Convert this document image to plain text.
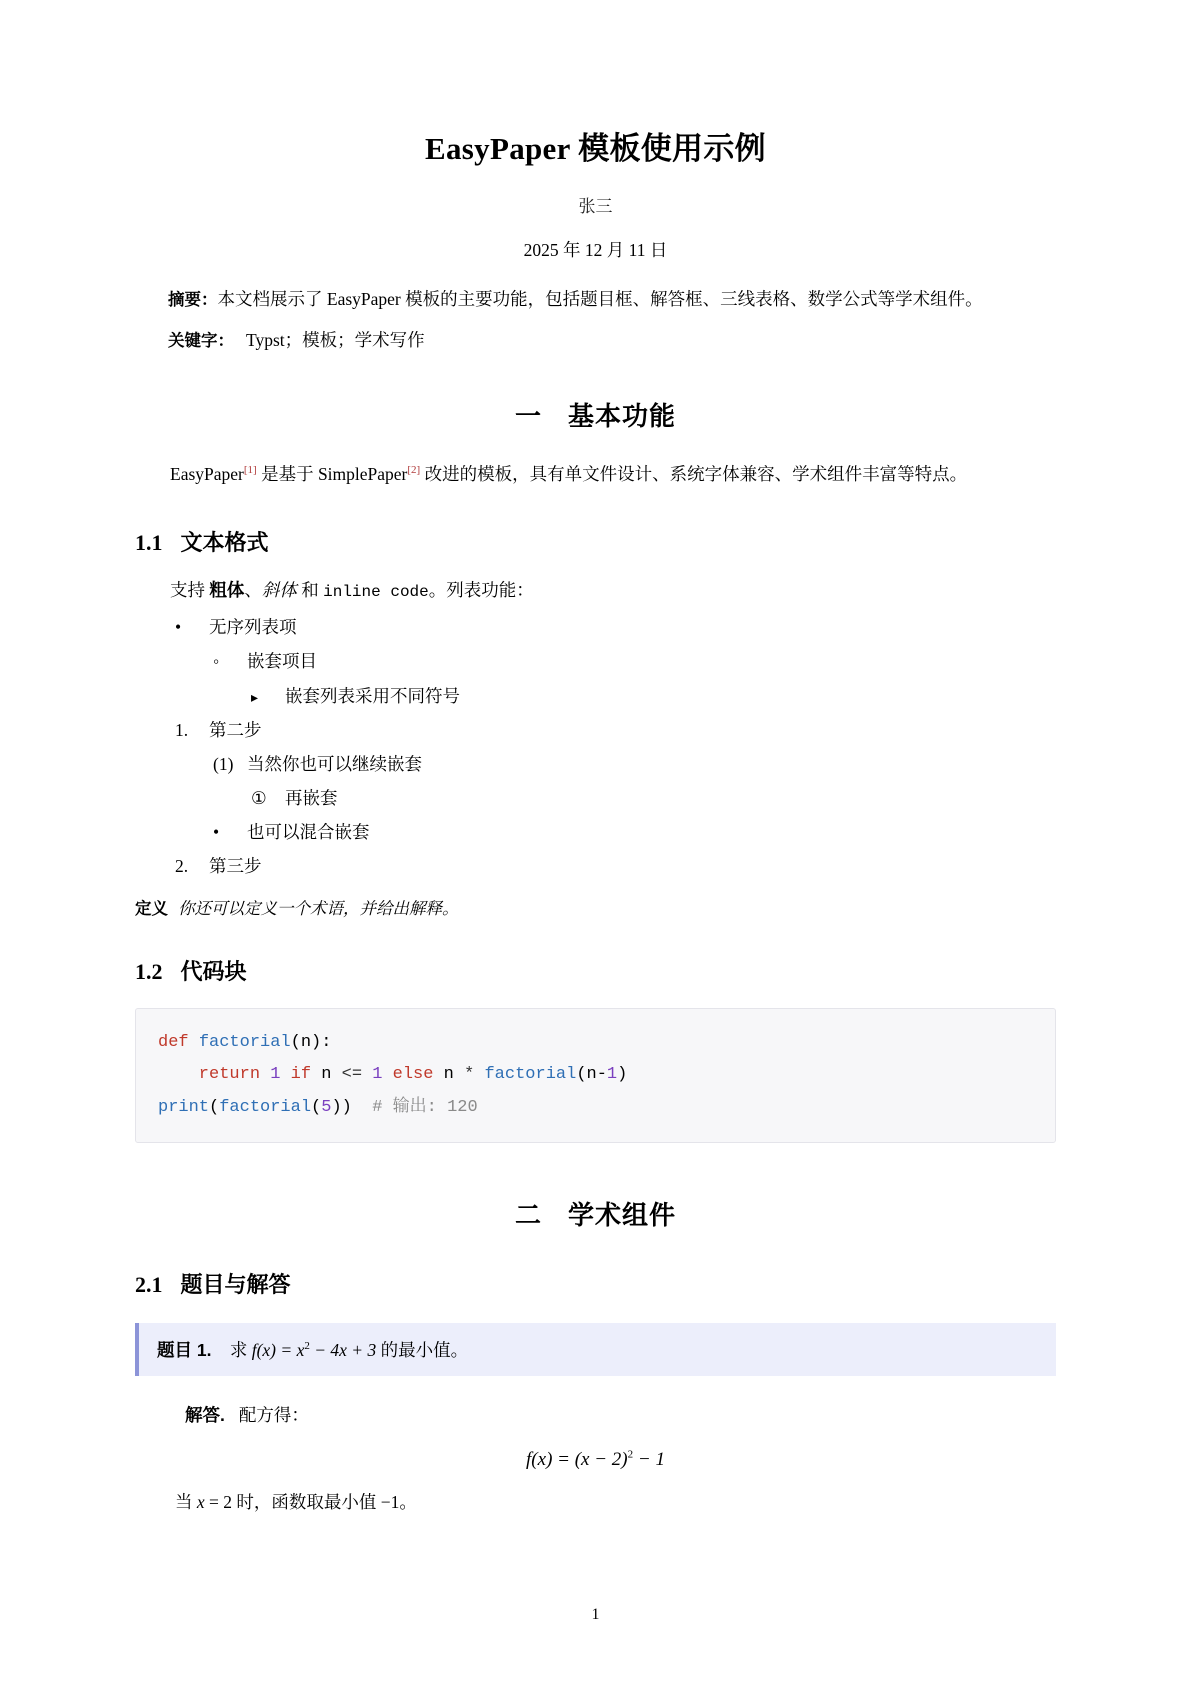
EasyPaper 模板使用示例
张三
2025 年 12 月 11 日

摘要：本文档展示了 EasyPaper 模板的主要功能，包括题目框、解答框、三线表格、数学公式等学术组件。

关键字： Typst；模板；学术写作
一 基本功能

EasyPaper[1] 是基于 SimplePaper[2] 改进的模板，具有单文件设计、系统字体兼容、学术组件丰富等特点。

1.1 文本格式

支持 粗体、斜体 和 inline code。列表功能：

•	无序列表项
◦	嵌套项目
▸	嵌套列表采用不同符号
1.	第二步
(1) 当然你也可以继续嵌套
①	再嵌套
•	也可以混合嵌套
2.	第三步
定义 你还可以定义一个术语，并给出解释。
1.2 代码块
def factorial(n):
return 1 if n <= 1 else n * factorial(n-1)
print(factorial(5))  # 输出: 120
二 学术组件
2.1 题目与解答
题目 1. 求 $f(x) = x^2 - 4x + 3$ 的最小值。
解答. 配方得：
$f(x) = (x - 2)^2 - 1$
当 x = 2 时，函数取最小值 −1。
1
